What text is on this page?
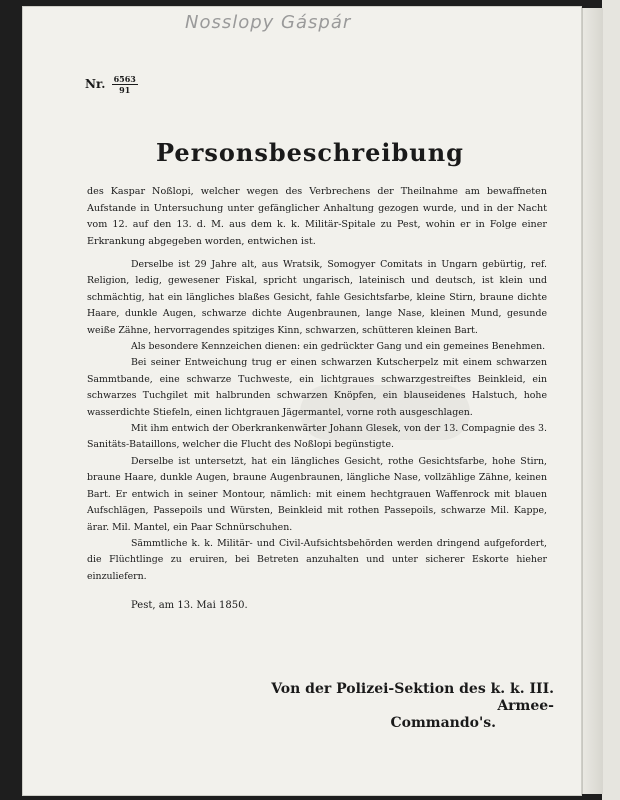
Nosslopy Gáspár
Nr. $\frac{6563}{91}$
Personsbeschreibung
des Kaspar Noßlopi, welcher wegen des Verbrechens der Theilnahme am bewaffneten Aufstande in Untersuchung unter gefänglicher Anhaltung gezogen wurde, und in der Nacht vom 12. auf den 13. d. M. aus dem k. k. Militär-Spitale zu Pest, wohin er in Folge einer Erkrankung abgegeben worden, entwichen ist.

Derselbe ist 29 Jahre alt, aus Wratsik, Somogyer Comitats in Ungarn gebürtig, ref. Religion, ledig, gewesener Fiskal, spricht ungarisch, lateinisch und deutsch, ist klein und schmächtig, hat ein längliches blaßes Gesicht, fahle Gesichtsfarbe, kleine Stirn, braune dichte Haare, dunkle Augen, schwarze dichte Augenbraunen, lange Nase, kleinen Mund, gesunde weiße Zähne, hervorragendes spitziges Kinn, schwarzen, schütteren kleinen Bart.

Als besondere Kennzeichen dienen: ein gedrückter Gang und ein gemeines Benehmen.

Bei seiner Entweichung trug er einen schwarzen Kutscherpelz mit einem schwarzen Sammtbande, eine schwarze Tuchweste, ein lichtgraues schwarzgestreiftes Beinkleid, ein schwarzes Tuchgilet mit halbrunden schwarzen Knöpfen, ein blauseidenes Halstuch, hohe wasserdichte Stiefeln, einen lichtgrauen Jägermantel, vorne roth ausgeschlagen.

Mit ihm entwich der Oberkrankenwärter Johann Glesek, von der 13. Compagnie des 3. Sanitäts-Bataillons, welcher die Flucht des Noßlopi begünstigte.

Derselbe ist untersetzt, hat ein längliches Gesicht, rothe Gesichtsfarbe, hohe Stirn, braune Haare, dunkle Augen, braune Augenbraunen, längliche Nase, vollzählige Zähne, keinen Bart. Er entwich in seiner Montour, nämlich: mit einem hechtgrauen Waffenrock mit blauen Aufschlägen, Passepoils und Würsten, Beinkleid mit rothen Passepoils, schwarze Mil. Kappe, ärar. Mil. Mantel, ein Paar Schnürschuhen.

Sämmtliche k. k. Militär- und Civil-Aufsichtsbehörden werden dringend aufgefordert, die Flüchtlinge zu eruiren, bei Betreten anzuhalten und unter sicherer Eskorte hieher einzuliefern.

Pest, am 13. Mai 1850.
Von der Polizei-Sektion des k. k. III. Armee-
Commando's.
